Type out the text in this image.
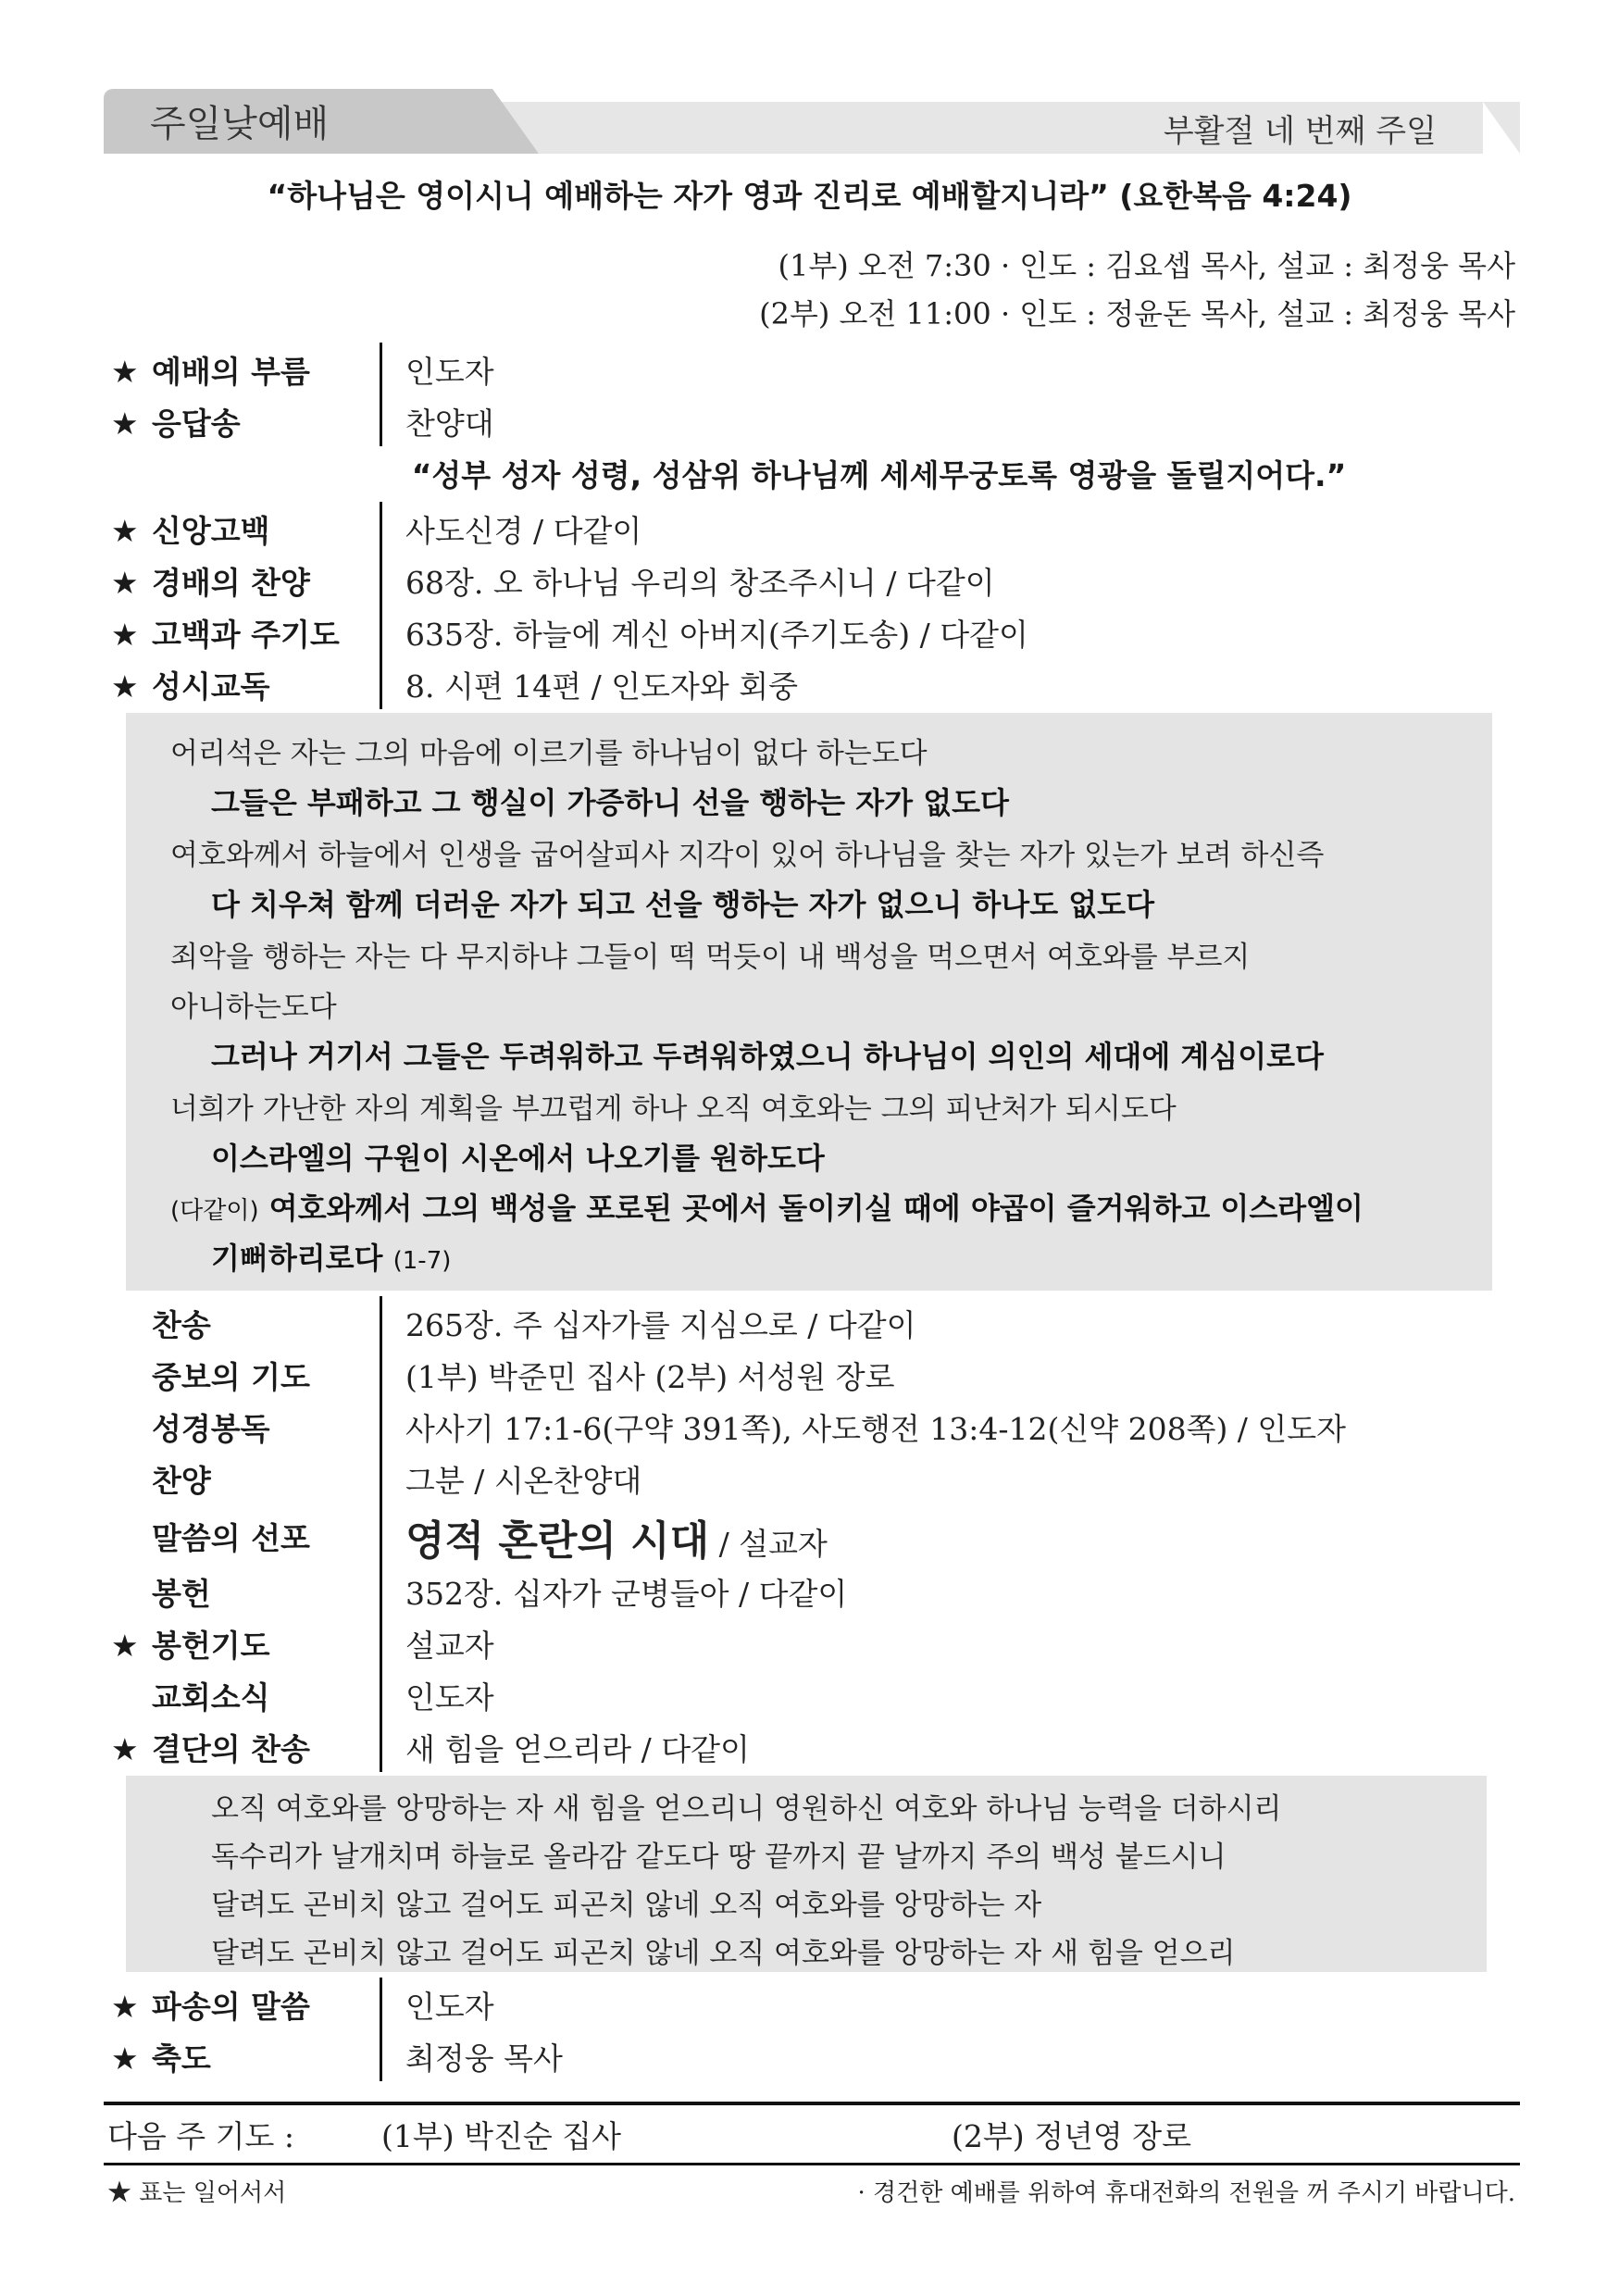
주일낮예배	부활절 네 번째 주일
“하나님은 영이시니 예배하는 자가 영과 진리로 예배할지니라” (요한복음 4:24)
(1부) 오전 7:30 · 인도 : 김요셉 목사, 설교 : 최정웅 목사
(2부) 오전 11:00 · 인도 : 정윤돈 목사, 설교 : 최정웅 목사
★ 예배의 부름	인도자
★ 응답송	찬양대
“성부 성자 성령, 성삼위 하나님께 세세무궁토록 영광을 돌릴지어다.”
★ 신앙고백	사도신경 / 다같이
★ 경배의 찬양	68장. 오 하나님 우리의 창조주시니 / 다같이
★ 고백과 주기도	635장. 하늘에 계신 아버지(주기도송) / 다같이
★ 성시교독	8. 시편 14편 / 인도자와 회중
어리석은 자는 그의 마음에 이르기를 하나님이 없다 하는도다
그들은 부패하고 그 행실이 가증하니 선을 행하는 자가 없도다
여호와께서 하늘에서 인생을 굽어살피사 지각이 있어 하나님을 찾는 자가 있는가 보려 하신즉
다 치우쳐 함께 더러운 자가 되고 선을 행하는 자가 없으니 하나도 없도다
죄악을 행하는 자는 다 무지하냐 그들이 떡 먹듯이 내 백성을 먹으면서 여호와를 부르지
아니하는도다
그러나 거기서 그들은 두려워하고 두려워하였으니 하나님이 의인의 세대에 계심이로다
너희가 가난한 자의 계획을 부끄럽게 하나 오직 여호와는 그의 피난처가 되시도다
이스라엘의 구원이 시온에서 나오기를 원하도다
(다같이) 여호와께서 그의 백성을 포로된 곳에서 돌이키실 때에 야곱이 즐거워하고 이스라엘이
기뻐하리로다 (1-7)
찬송	265장. 주 십자가를 지심으로 / 다같이
중보의 기도	(1부) 박준민 집사 (2부) 서성원 장로
성경봉독	사사기 17:1-6(구약 391쪽), 사도행전 13:4-12(신약 208쪽) / 인도자
찬양	그분 / 시온찬양대
말씀의 선포	영적 혼란의 시대 / 설교자
봉헌	352장. 십자가 군병들아 / 다같이
★ 봉헌기도	설교자
교회소식	인도자
★ 결단의 찬송	새 힘을 얻으리라 / 다같이
오직 여호와를 앙망하는 자 새 힘을 얻으리니 영원하신 여호와 하나님 능력을 더하시리
독수리가 날개치며 하늘로 올라감 같도다 땅 끝까지 끝 날까지 주의 백성 붙드시니
달려도 곤비치 않고 걸어도 피곤치 않네 오직 여호와를 앙망하는 자
달려도 곤비치 않고 걸어도 피곤치 않네 오직 여호와를 앙망하는 자 새 힘을 얻으리
★ 파송의 말씀	인도자
★ 축도	최정웅 목사
다음 주 기도 :	(1부) 박진순 집사	(2부) 정년영 장로
★ 표는 일어서서	· 경건한 예배를 위하여 휴대전화의 전원을 꺼 주시기 바랍니다.
